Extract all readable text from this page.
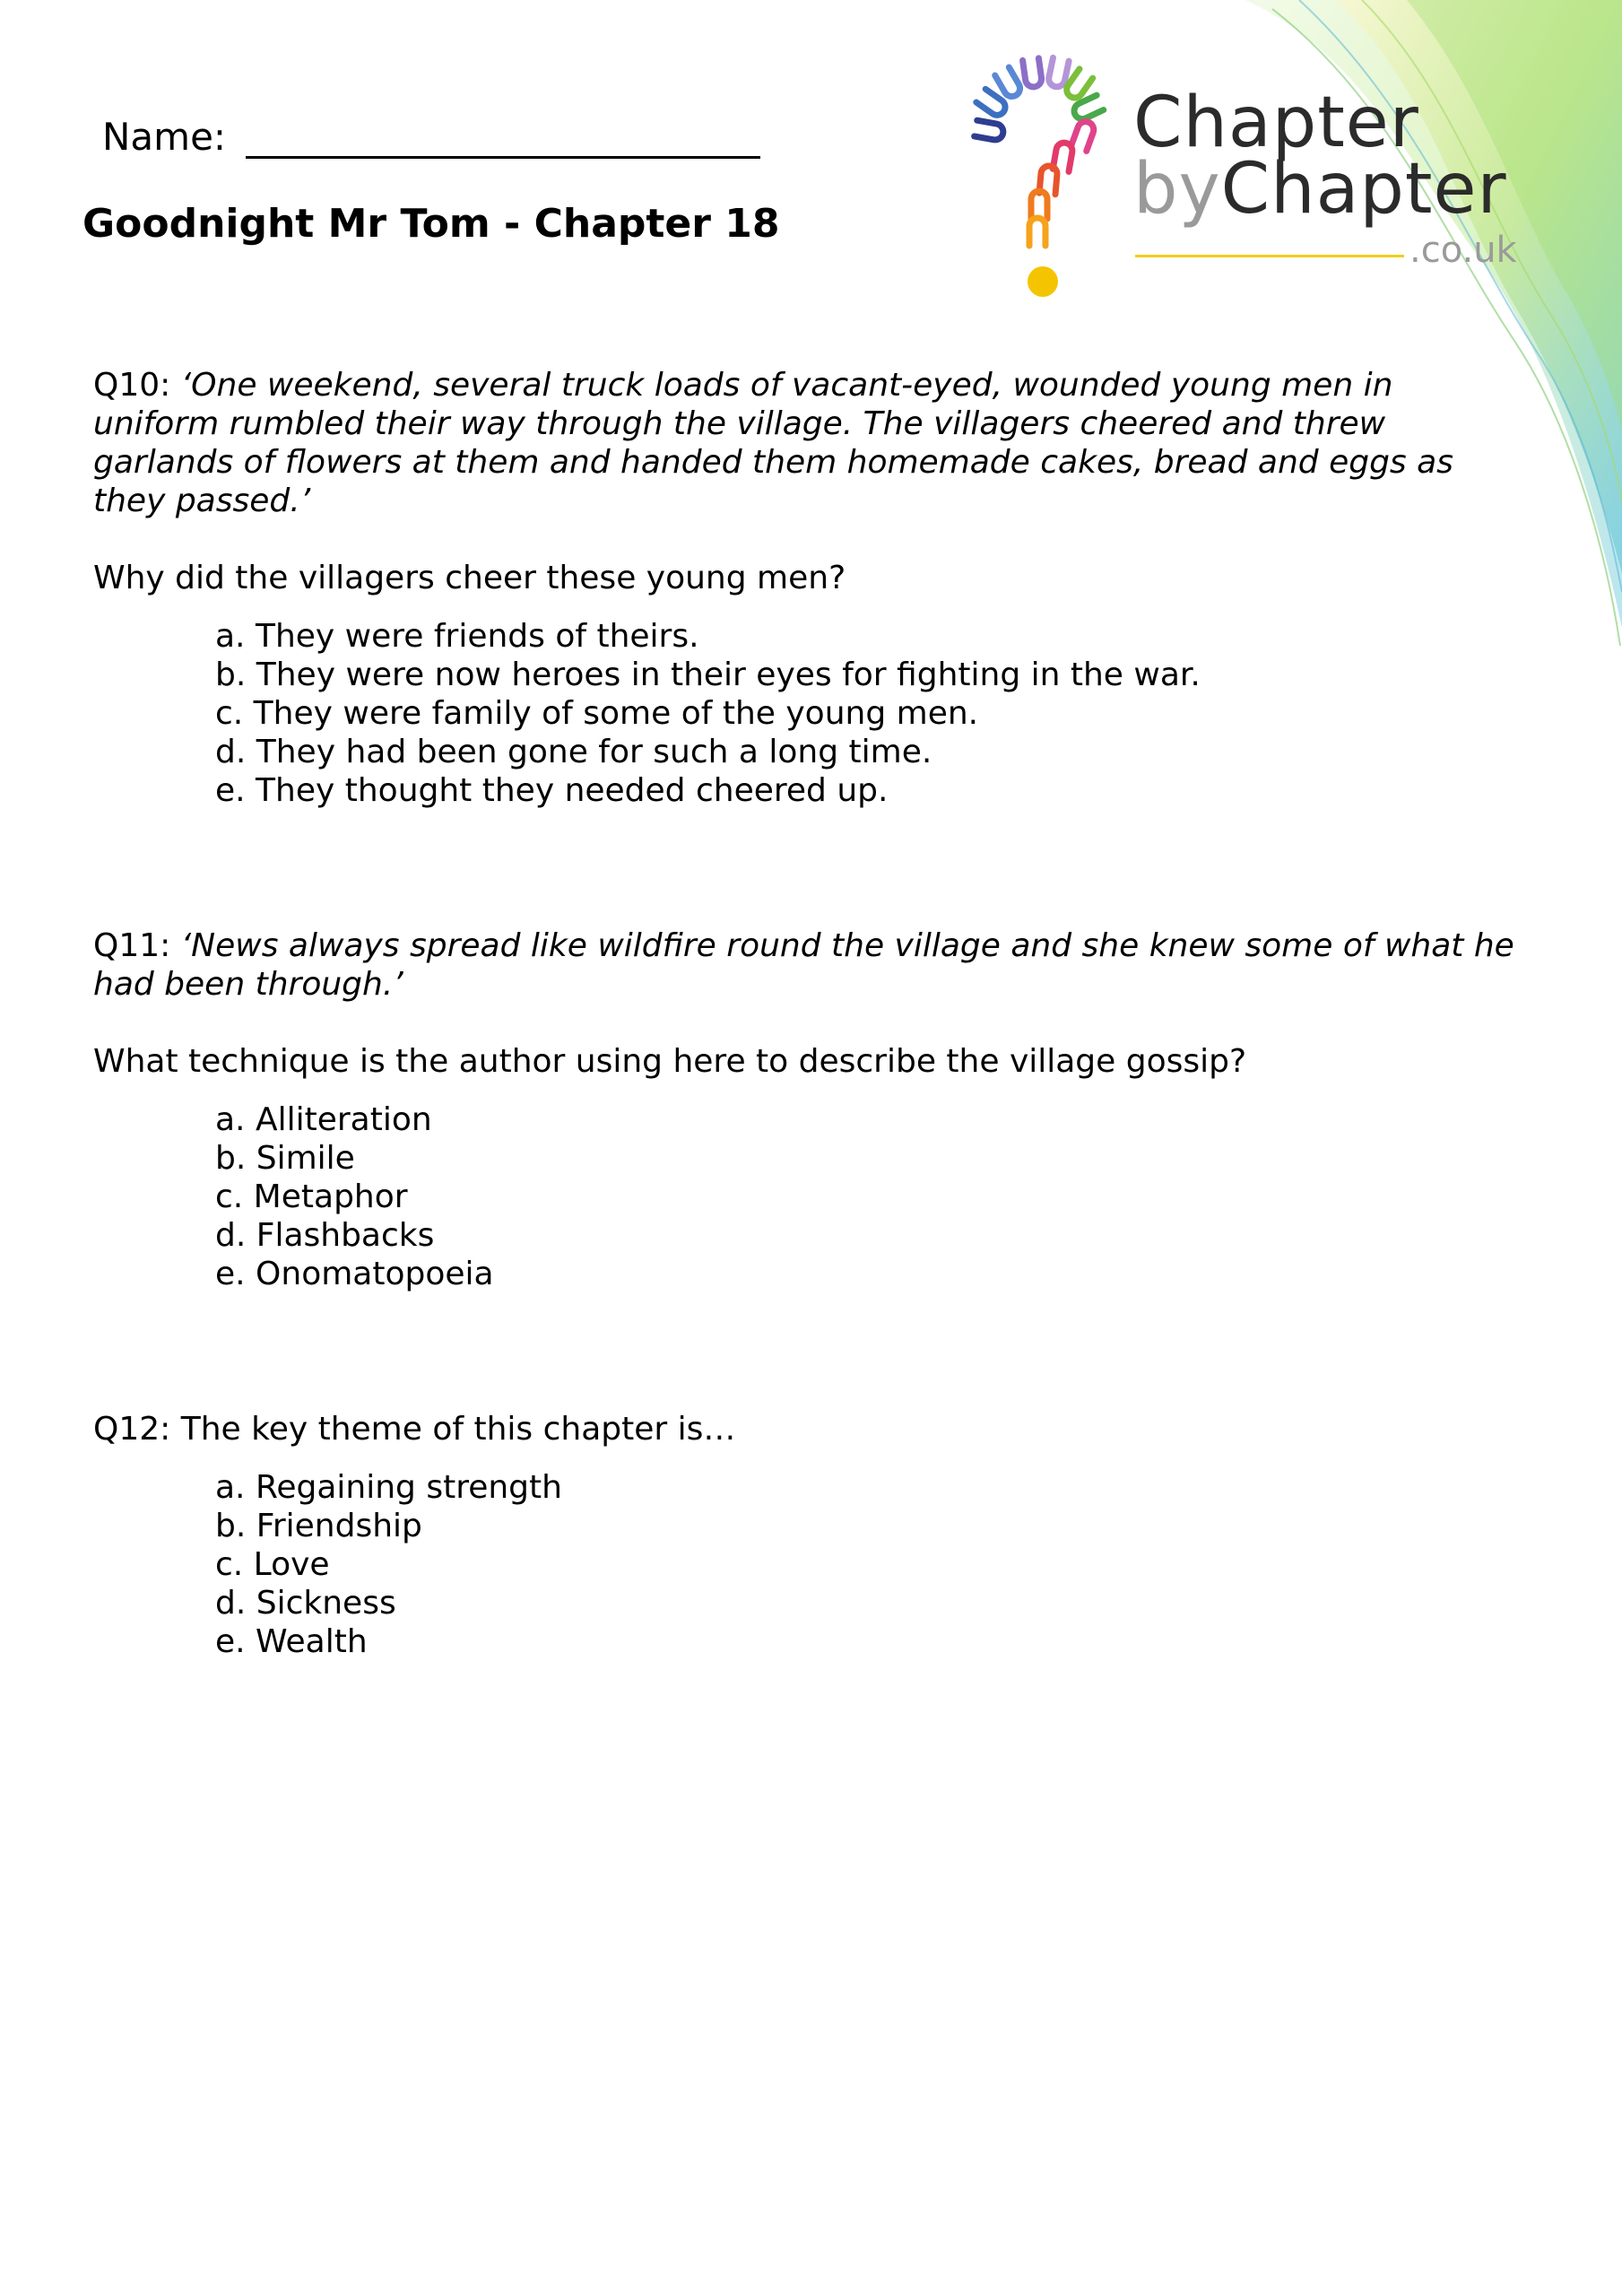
Chapter
byChapter
.co.uk
Name:
Goodnight Mr Tom - Chapter 18

Q10: ‘One weekend, several truck loads of vacant-eyed, wounded young men in uniform rumbled their way through the village. The villagers cheered and threw garlands of flowers at them and handed them homemade cakes, bread and eggs as they passed.’

Why did the villagers cheer these young men?

a. They were friends of theirs.
b. They were now heroes in their eyes for fighting in the war.
c. They were family of some of the young men.
d. They had been gone for such a long time.
e. They thought they needed cheered up.

Q11: ‘News always spread like wildfire round the village and she knew some of what he had been through.’

What technique is the author using here to describe the village gossip?

a. Alliteration
b. Simile
c. Metaphor
d. Flashbacks
e. Onomatopoeia

Q12: The key theme of this chapter is…

a. Regaining strength
b. Friendship
c. Love
d. Sickness
e. Wealth
